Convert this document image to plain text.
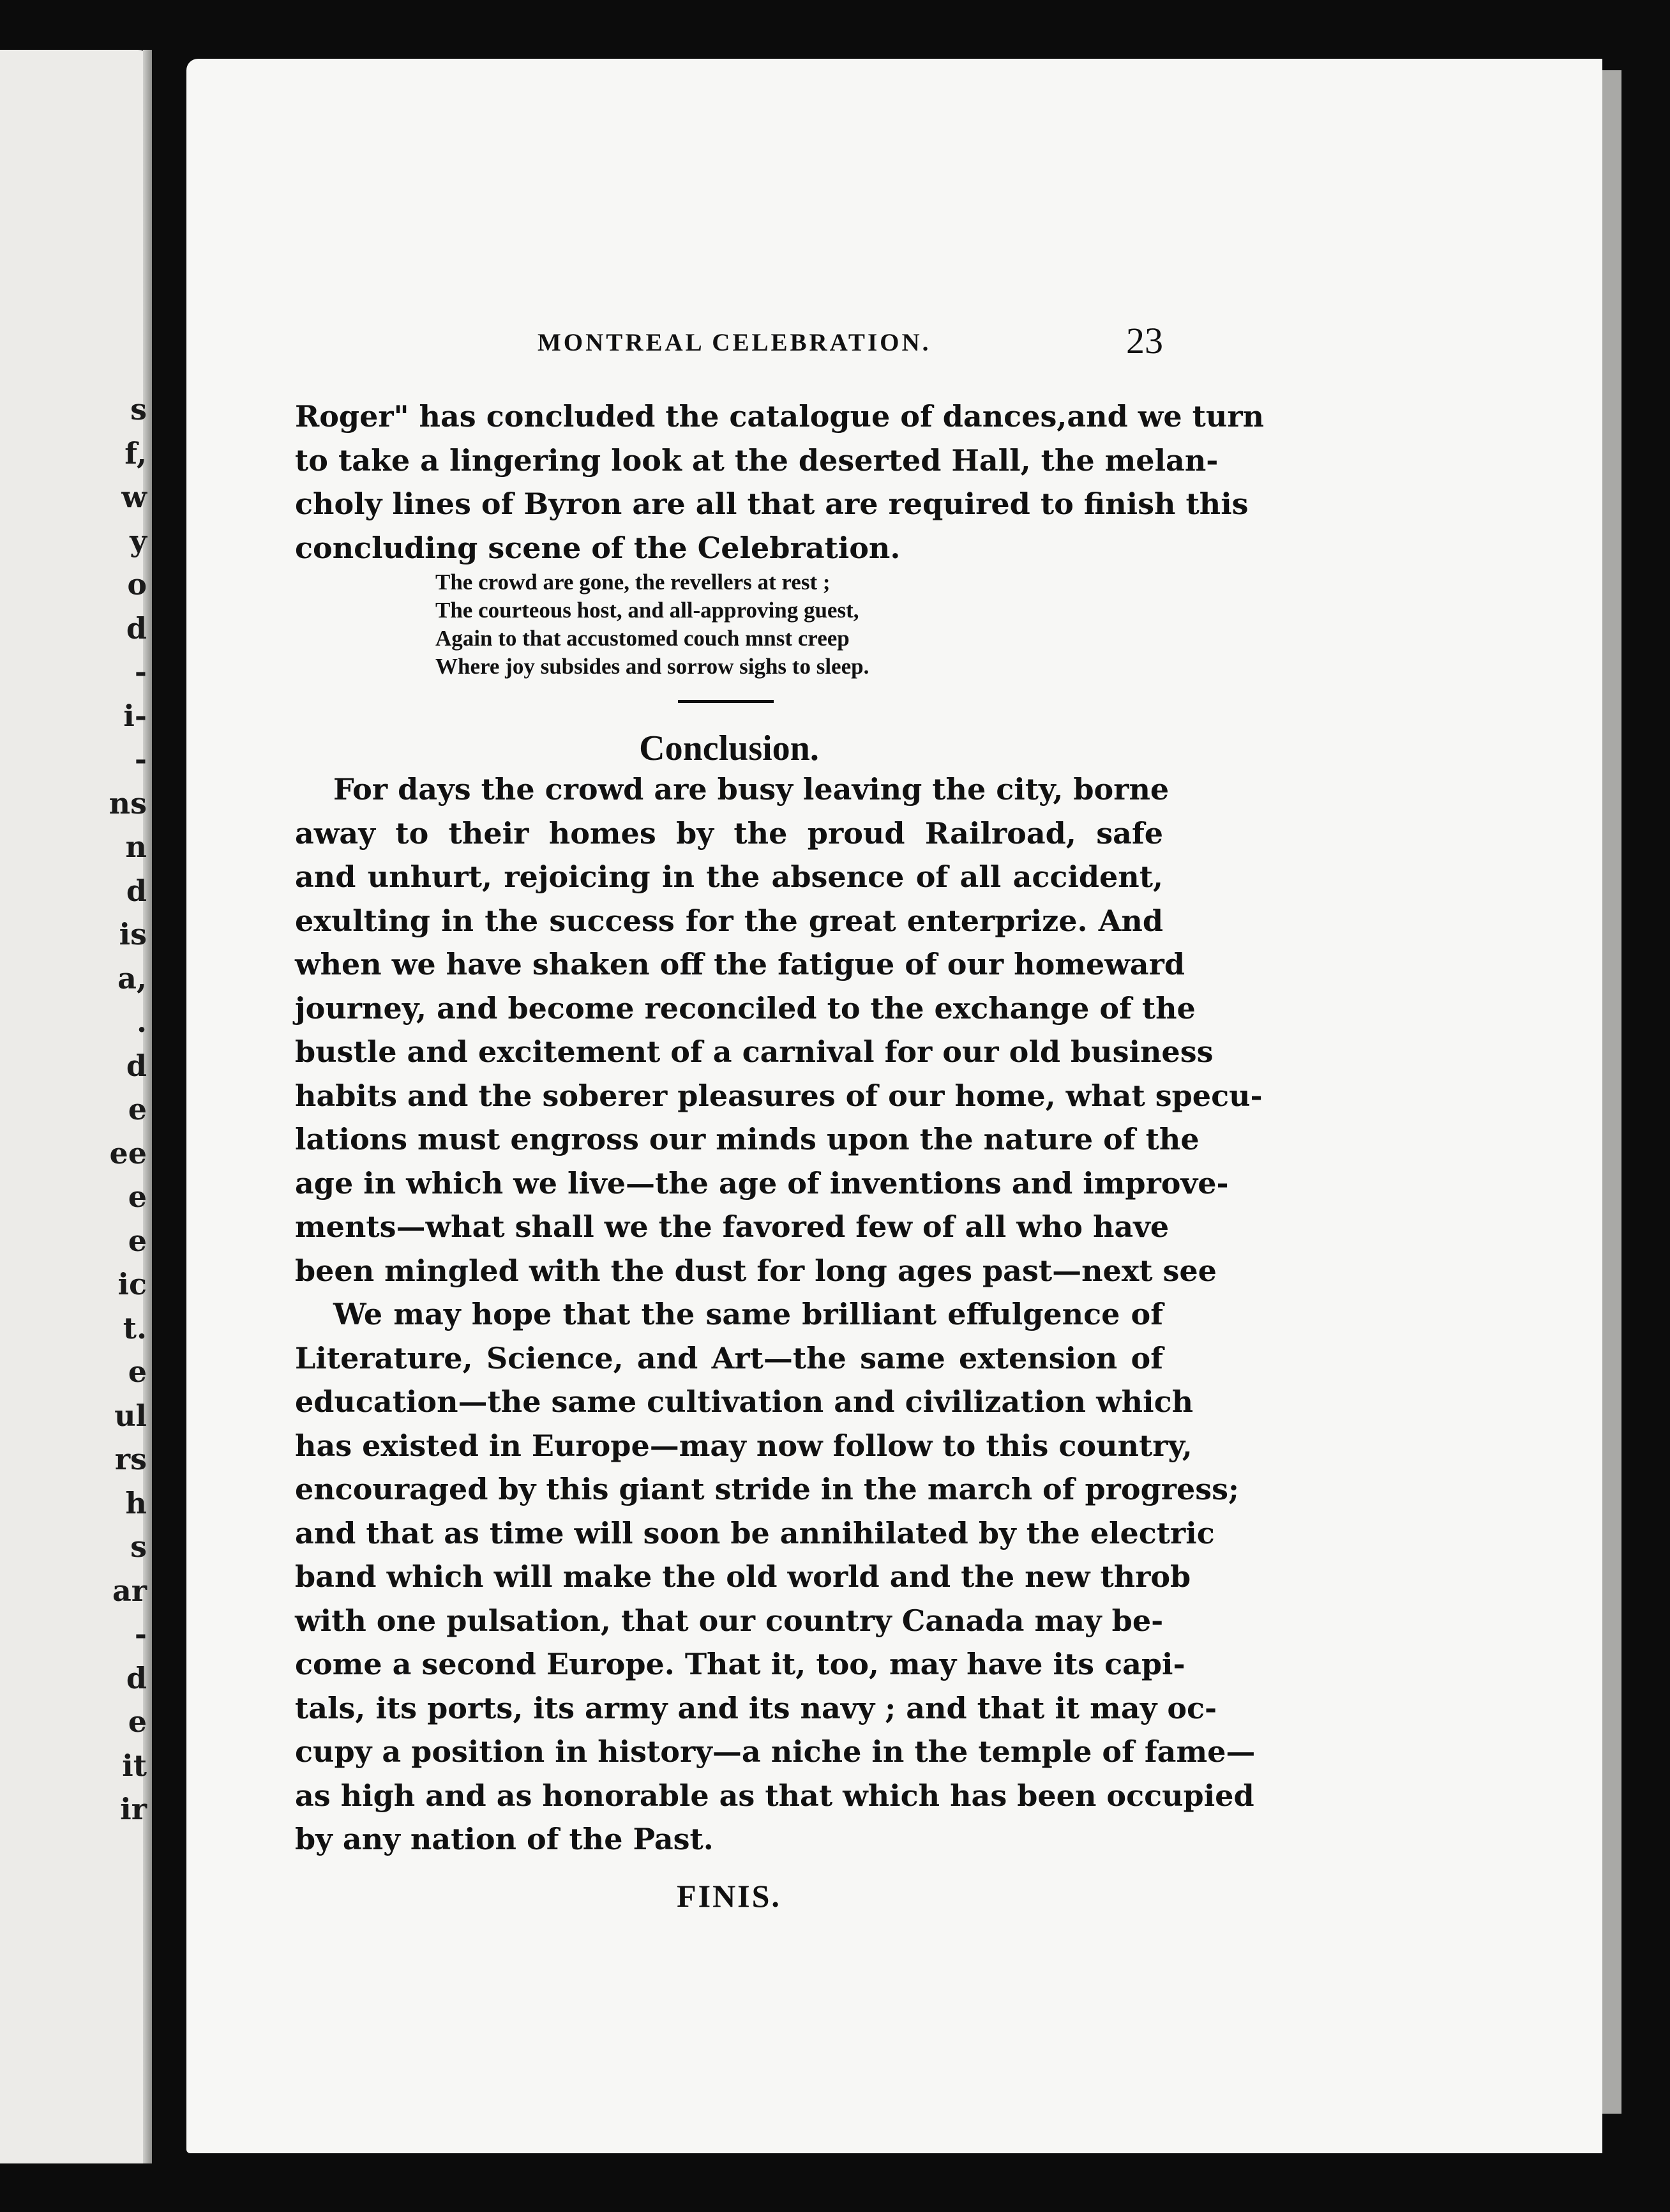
s
f,
w
y
o
d
-
i-
-
ns
n
d
is
a,
.
d
e
ee
e
e
ic
t.
e
ul
rs
h
s
ar
-
d
e
it
ir
MONTREAL CELEBRATION.	23
Roger" has concluded the catalogue of dances,and we turn
to take a lingering look at the deserted Hall, the melan-
choly lines of Byron are all that are required to finish this
concluding scene of the Celebration.
The crowd are gone, the revellers at rest ;
The courteous host, and all-approving guest,
Again to that accustomed couch mnst creep
Where joy subsides and sorrow sighs to sleep.
Conclusion.
For days the crowd are busy leaving the city, borne
away to their homes by the proud Railroad, safe
and unhurt, rejoicing in the absence of all accident,
exulting in the success for the great enterprize. And
when we have shaken off the fatigue of our homeward
journey, and become reconciled to the exchange of the
bustle and excitement of a carnival for our old business
habits and the soberer pleasures of our home, what specu-
lations must engross our minds upon the nature of the
age in which we live—the age of inventions and improve-
ments—what shall we the favored few of all who have
been mingled with the dust for long ages past—next see
We may hope that the same brilliant effulgence of
Literature, Science, and Art—the same extension of
education—the same cultivation and civilization which
has existed in Europe—may now follow to this country,
encouraged by this giant stride in the march of progress;
and that as time will soon be annihilated by the electric
band which will make the old world and the new throb
with one pulsation, that our country Canada may be-
come a second Europe. That it, too, may have its capi-
tals, its ports, its army and its navy ; and that it may oc-
cupy a position in history—a niche in the temple of fame—
as high and as honorable as that which has been occupied
by any nation of the Past.
FINIS.
